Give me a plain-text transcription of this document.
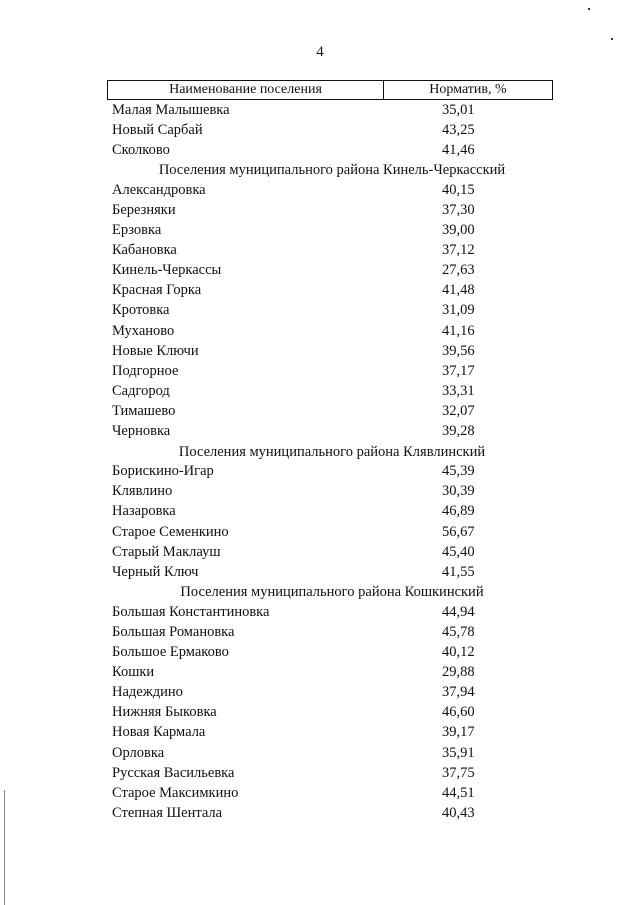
4
Наименование поселения	Норматив, %
Малая Малышевка	35,01
Новый Сарбай	43,25
Сколково	41,46
Поселения муниципального района Кинель-Черкасский
Александровка	40,15
Березняки	37,30
Ерзовка	39,00
Кабановка	37,12
Кинель-Черкассы	27,63
Красная Горка	41,48
Кротовка	31,09
Муханово	41,16
Новые Ключи	39,56
Подгорное	37,17
Садгород	33,31
Тимашево	32,07
Черновка	39,28
Поселения муниципального района Клявлинский
Борискино-Игар	45,39
Клявлино	30,39
Назаровка	46,89
Старое Семенкино	56,67
Старый Маклауш	45,40
Черный Ключ	41,55
Поселения муниципального района Кошкинский
Большая Константиновка	44,94
Большая Романовка	45,78
Большое Ермаково	40,12
Кошки	29,88
Надеждино	37,94
Нижняя Быковка	46,60
Новая Кармала	39,17
Орловка	35,91
Русская Васильевка	37,75
Старое Максимкино	44,51
Степная Шентала	40,43
